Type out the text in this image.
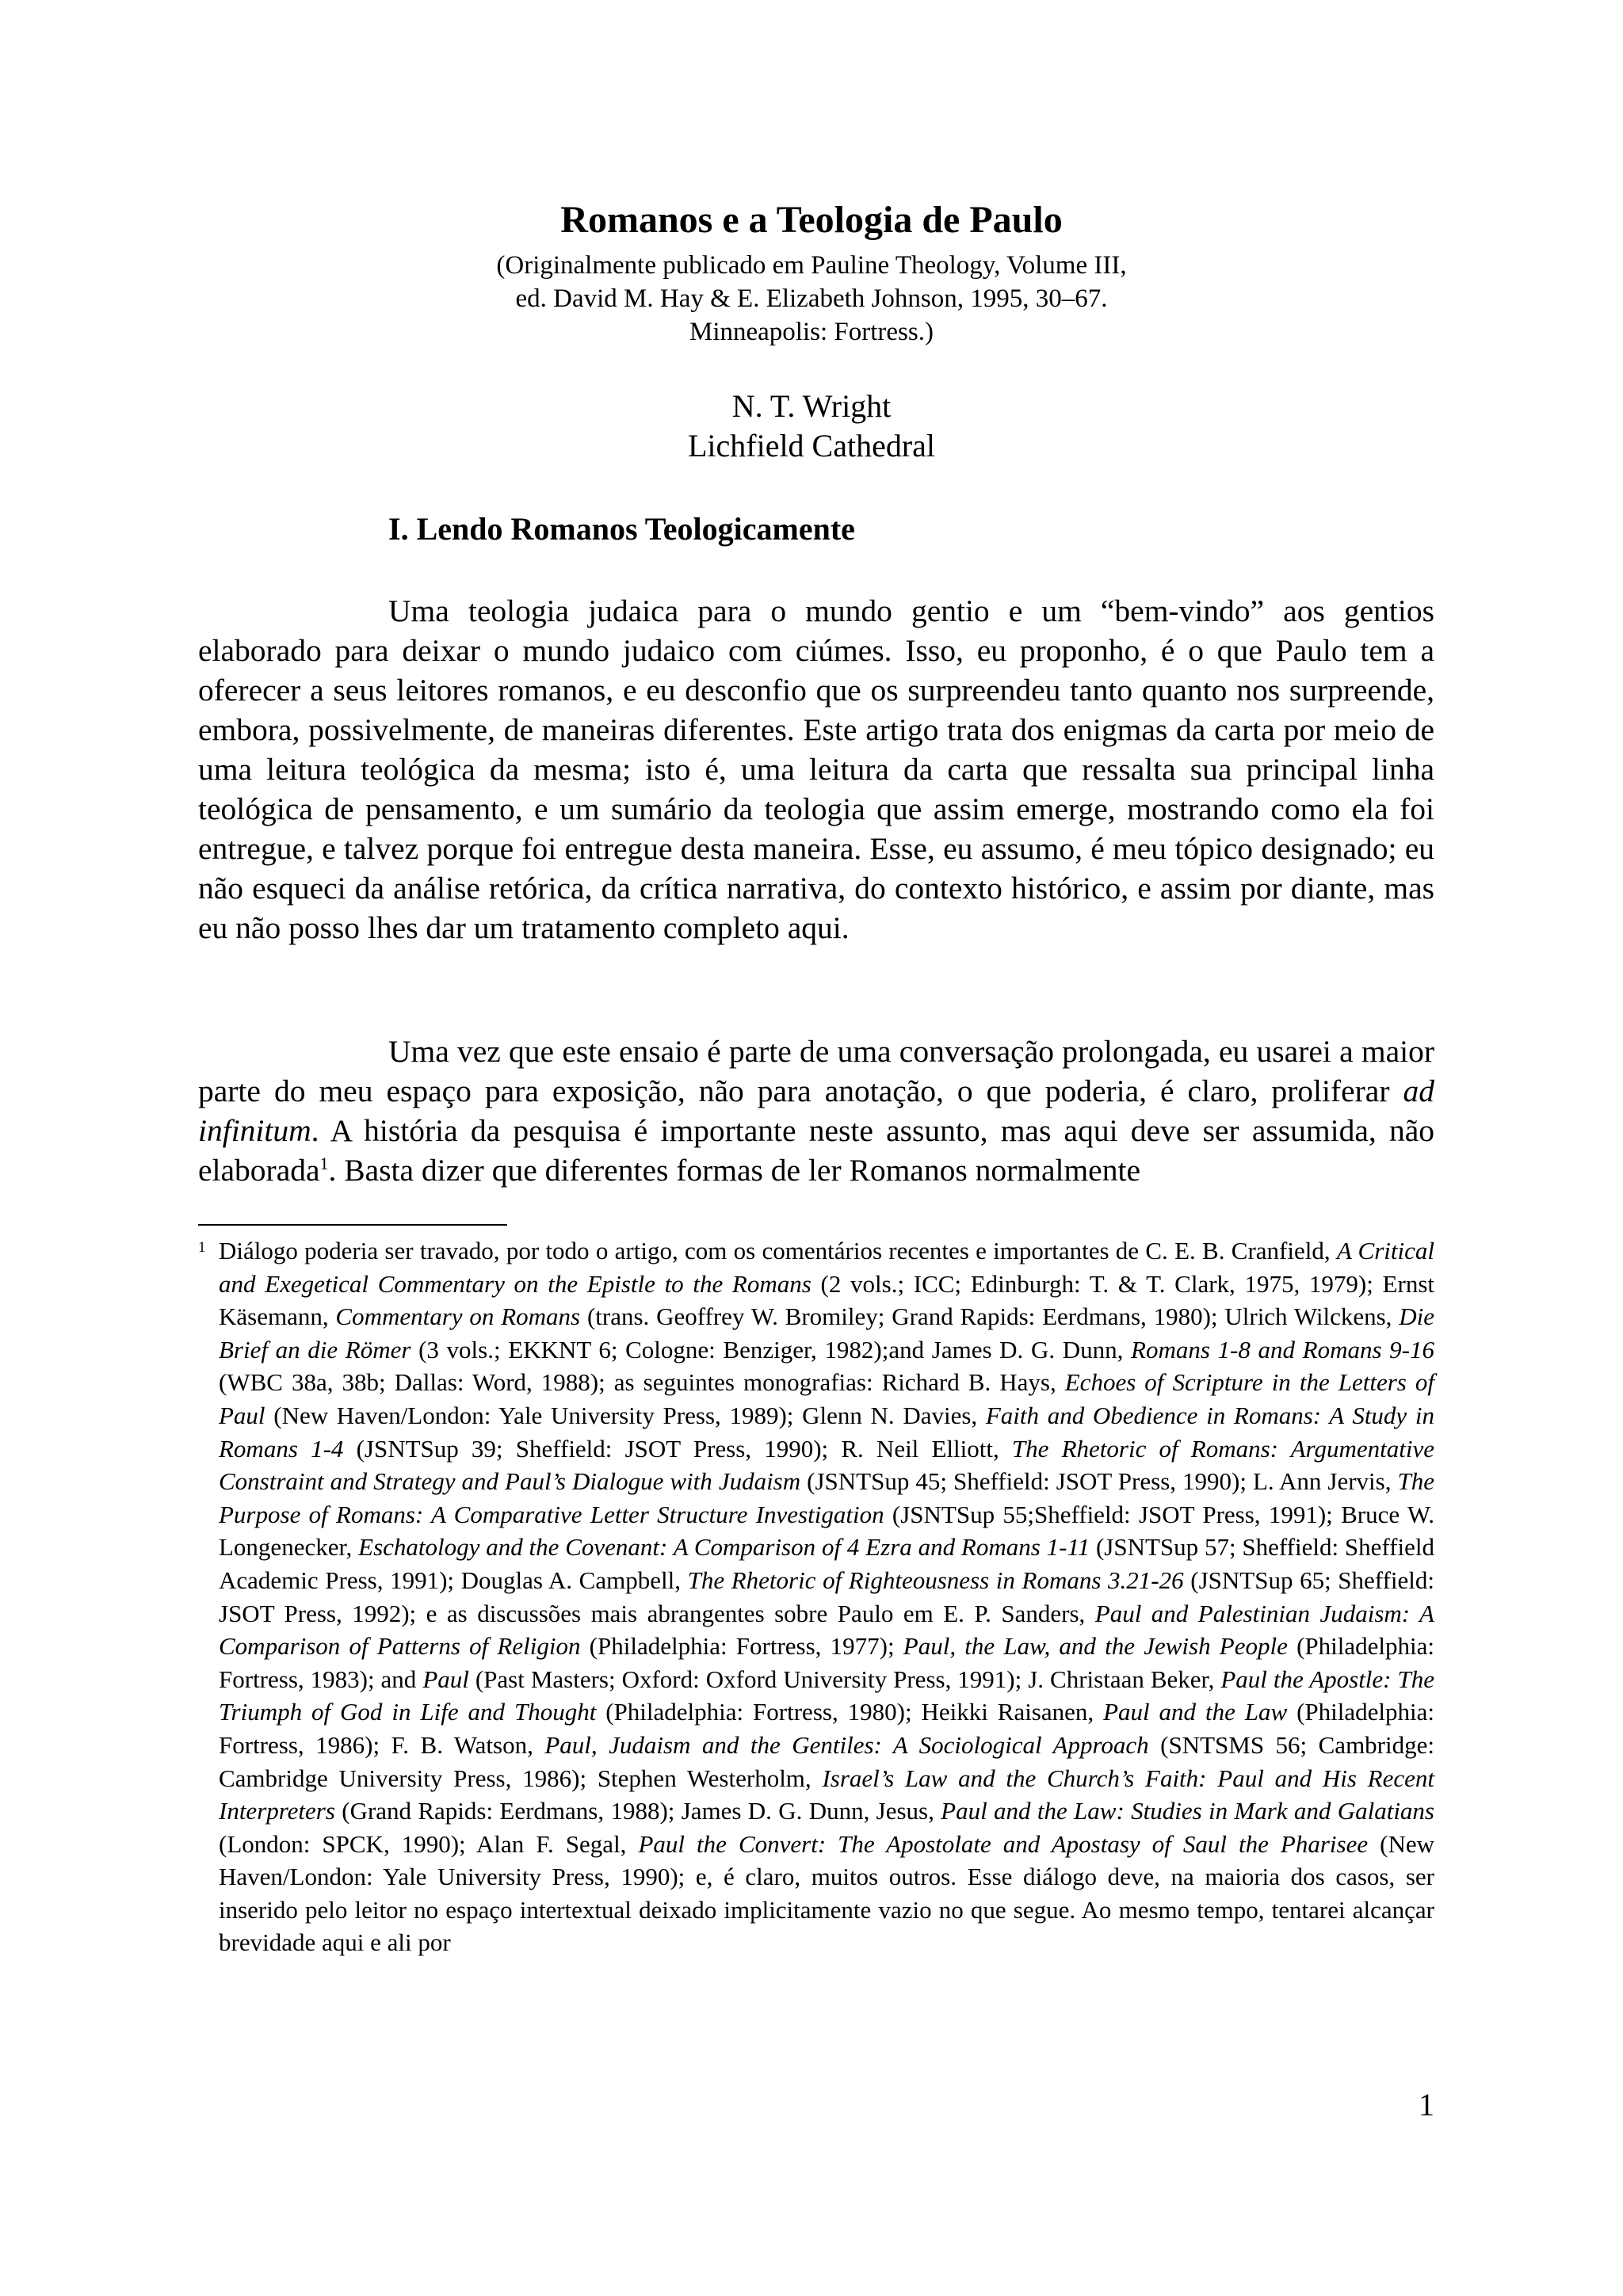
Romanos e a Teologia de Paulo
(Originalmente publicado em Pauline Theology, Volume III,
ed. David M. Hay & E. Elizabeth Johnson, 1995, 30–67.
Minneapolis: Fortress.)
N. T. Wright
Lichfield Cathedral
I. Lendo Romanos Teologicamente

Uma teologia judaica para o mundo gentio e um “bem-vindo” aos gentios elaborado para deixar o mundo judaico com ciúmes. Isso, eu proponho, é o que Paulo tem a oferecer a seus leitores romanos, e eu desconfio que os surpreendeu tanto quanto nos surpreende, embora, possivelmente, de maneiras diferentes. Este artigo trata dos enigmas da carta por meio de uma leitura teológica da mesma; isto é, uma leitura da carta que ressalta sua principal linha teológica de pensamento, e um sumário da teologia que assim emerge, mostrando como ela foi entregue, e talvez porque foi entregue desta maneira. Esse, eu assumo, é meu tópico designado; eu não esqueci da análise retórica, da crítica narrativa, do contexto histórico, e assim por diante, mas eu não posso lhes dar um tratamento completo aqui.

Uma vez que este ensaio é parte de uma conversação prolongada, eu usarei a maior parte do meu espaço para exposição, não para anotação, o que poderia, é claro, proliferar ad infinitum. A história da pesquisa é importante neste assunto, mas aqui deve ser assumida, não elaborada$^1$. Basta dizer que diferentes formas de ler Romanos normalmente

1 Diálogo poderia ser travado, por todo o artigo, com os comentários recentes e importantes de C. E. B. Cranfield, A Critical and Exegetical Commentary on the Epistle to the Romans (2 vols.; ICC; Edinburgh: T. & T. Clark, 1975, 1979); Ernst Käsemann, Commentary on Romans (trans. Geoffrey W. Bromiley; Grand Rapids: Eerdmans, 1980); Ulrich Wilckens, Die Brief an die Römer (3 vols.; EKKNT 6; Cologne: Benziger, 1982);and James D. G. Dunn, Romans 1-8 and Romans 9-16 (WBC 38a, 38b; Dallas: Word, 1988); as seguintes monografias: Richard B. Hays, Echoes of Scripture in the Letters of Paul (New Haven/London: Yale University Press, 1989); Glenn N. Davies, Faith and Obedience in Romans: A Study in Romans 1-4 (JSNTSup 39; Sheffield: JSOT Press, 1990); R. Neil Elliott, The Rhetoric of Romans: Argumentative Constraint and Strategy and Paul’s Dialogue with Judaism (JSNTSup 45; Sheffield: JSOT Press, 1990); L. Ann Jervis, The Purpose of Romans: A Comparative Letter Structure Investigation (JSNTSup 55;Sheffield: JSOT Press, 1991); Bruce W. Longenecker, Eschatology and the Covenant: A Comparison of 4 Ezra and Romans 1-11 (JSNTSup 57; Sheffield: Sheffield Academic Press, 1991); Douglas A. Campbell, The Rhetoric of Righteousness in Romans 3.21-26 (JSNTSup 65; Sheffield: JSOT Press, 1992); e as discussões mais abrangentes sobre Paulo em E. P. Sanders, Paul and Palestinian Judaism: A Comparison of Patterns of Religion (Philadelphia: Fortress, 1977); Paul, the Law, and the Jewish People (Philadelphia: Fortress, 1983); and Paul (Past Masters; Oxford: Oxford University Press, 1991); J. Christaan Beker, Paul the Apostle: The Triumph of God in Life and Thought (Philadelphia: Fortress, 1980); Heikki Raisanen, Paul and the Law (Philadelphia: Fortress, 1986); F. B. Watson, Paul, Judaism and the Gentiles: A Sociological Approach (SNTSMS 56; Cambridge: Cambridge University Press, 1986); Stephen Westerholm, Israel’s Law and the Church’s Faith: Paul and His Recent Interpreters (Grand Rapids: Eerdmans, 1988); James D. G. Dunn, Jesus, Paul and the Law: Studies in Mark and Galatians (London: SPCK, 1990); Alan F. Segal, Paul the Convert: The Apostolate and Apostasy of Saul the Pharisee (New Haven/London: Yale University Press, 1990); e, é claro, muitos outros. Esse diálogo deve, na maioria dos casos, ser inserido pelo leitor no espaço intertextual deixado implicitamente vazio no que segue. Ao mesmo tempo, tentarei alcançar brevidade aqui e ali por
1
